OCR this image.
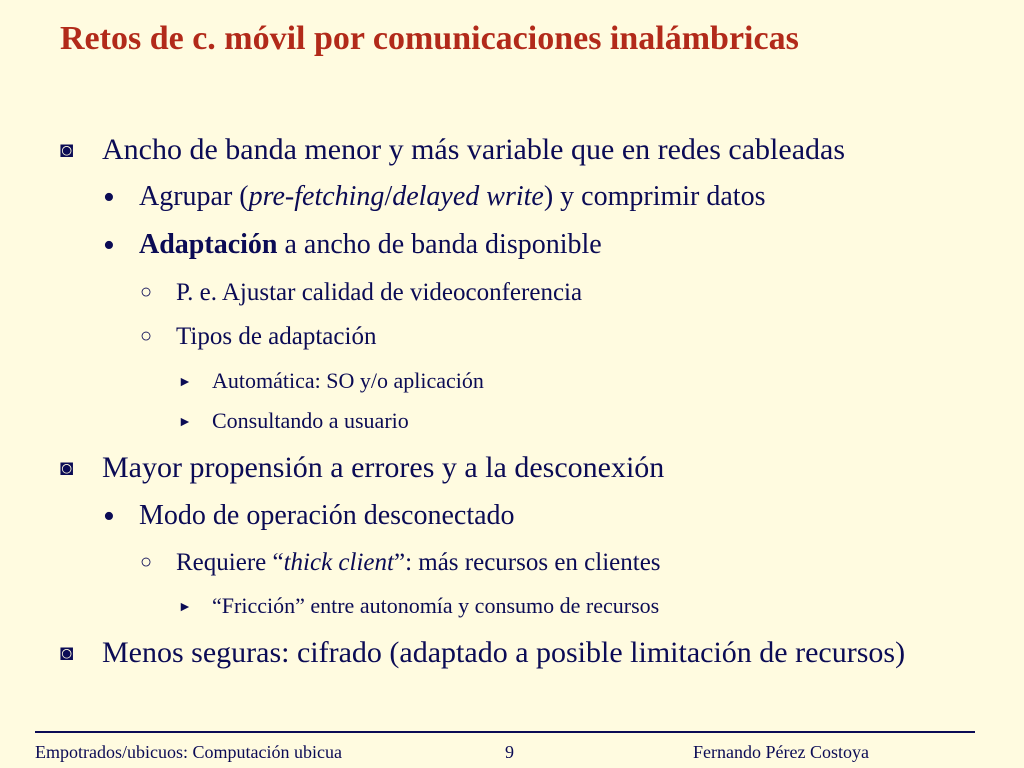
Retos de c. móvil por comunicaciones inalámbricas
◙ Ancho de banda menor y más variable que en redes cableadas
• Agrupar (pre-fetching/delayed write) y comprimir datos
• Adaptación a ancho de banda disponible
○ P. e. Ajustar calidad de videoconferencia
○ Tipos de adaptación
► Automática: SO y/o aplicación
► Consultando a usuario
◙ Mayor propensión a errores y a la desconexión
• Modo de operación desconectado
○ Requiere “thick client”: más recursos en clientes
► “Fricción” entre autonomía y consumo de recursos
◙ Menos seguras: cifrado (adaptado a posible limitación de recursos)
Empotrados/ubicuos: Computación ubicua	9	Fernando Pérez Costoya
